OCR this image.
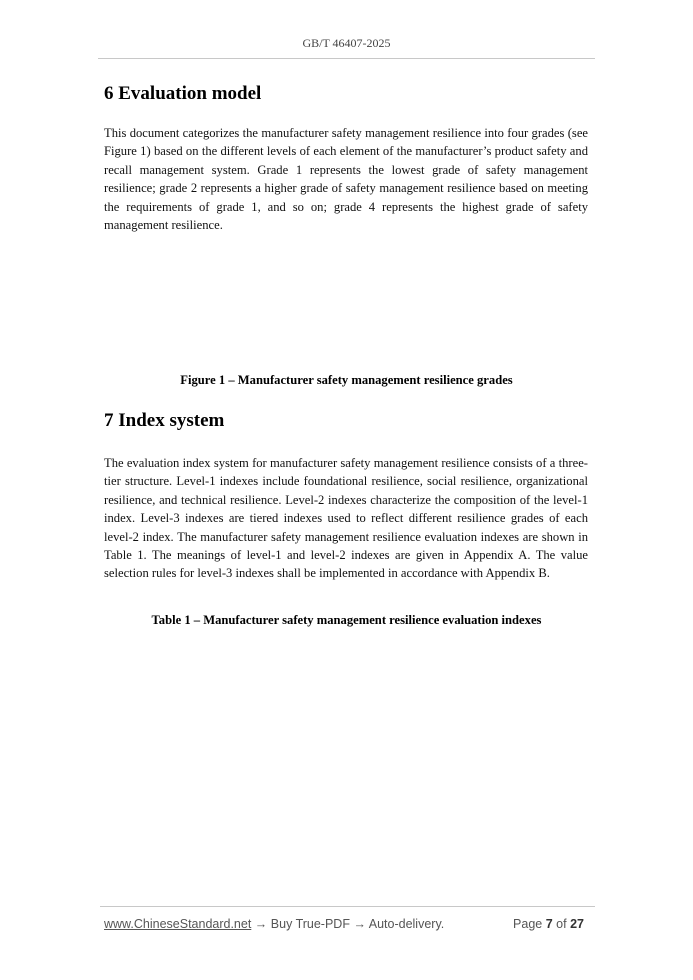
GB/T 46407-2025
6 Evaluation model

This document categorizes the manufacturer safety management resilience into four grades (see Figure 1) based on the different levels of each element of the manufacturer’s product safety and recall management system. Grade 1 represents the lowest grade of safety management resilience; grade 2 represents a higher grade of safety management resilience based on meeting the requirements of grade 1, and so on; grade 4 represents the highest grade of safety management resilience.

Figure 1 – Manufacturer safety management resilience grades
7 Index system

The evaluation index system for manufacturer safety management resilience consists of a three-tier structure. Level-1 indexes include foundational resilience, social resilience, organizational resilience, and technical resilience. Level-2 indexes characterize the composition of the level-1 index. Level-3 indexes are tiered indexes used to reflect different resilience grades of each level-2 index. The manufacturer safety management resilience evaluation indexes are shown in Table 1. The meanings of level-1 and level-2 indexes are given in Appendix A. The value selection rules for level-3 indexes shall be implemented in accordance with Appendix B.

Table 1 – Manufacturer safety management resilience evaluation indexes
www.ChineseStandard.net → Buy True-PDF → Auto-delivery.	Page 7 of 27
